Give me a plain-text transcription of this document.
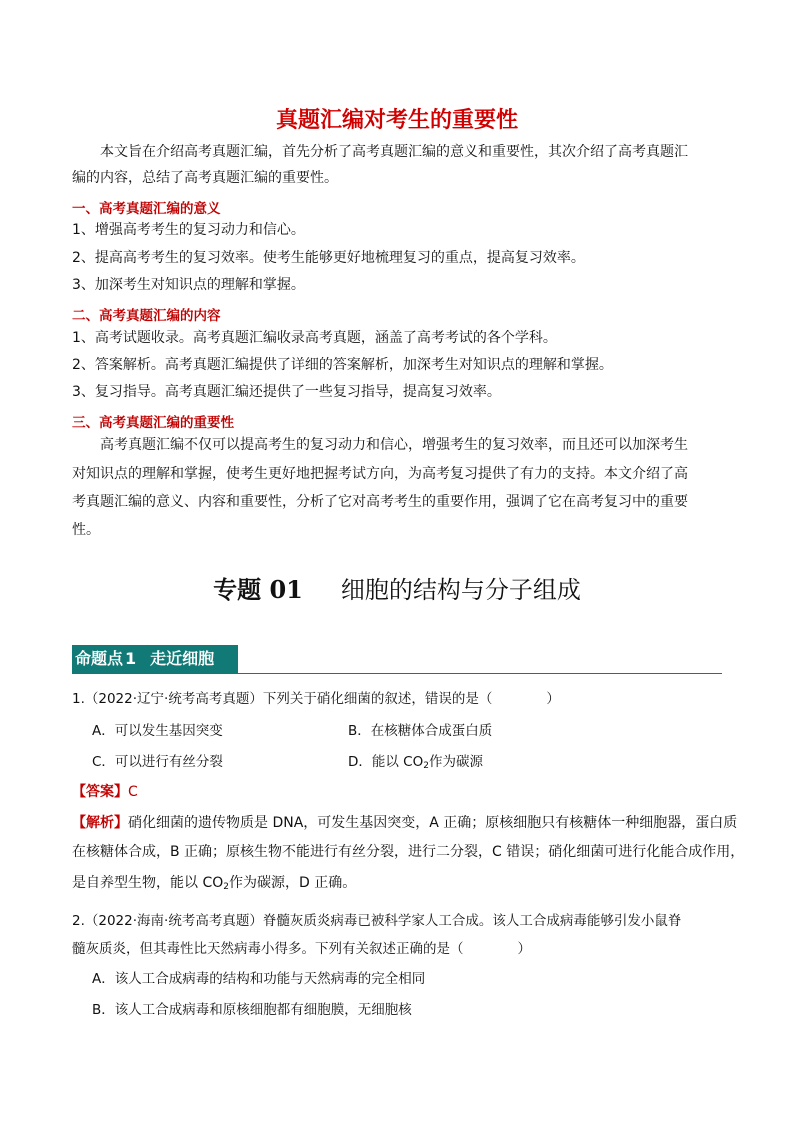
真题汇编对考生的重要性
本文旨在介绍高考真题汇编，首先分析了高考真题汇编的意义和重要性，其次介绍了高考真题汇
编的内容，总结了高考真题汇编的重要性。
一、高考真题汇编的意义
1、增强高考考生的复习动力和信心。
2、提高高考考生的复习效率。使考生能够更好地梳理复习的重点，提高复习效率。
3、加深考生对知识点的理解和掌握。
二、高考真题汇编的内容
1、高考试题收录。高考真题汇编收录高考真题，涵盖了高考考试的各个学科。
2、答案解析。高考真题汇编提供了详细的答案解析，加深考生对知识点的理解和掌握。
3、复习指导。高考真题汇编还提供了一些复习指导，提高复习效率。
三、高考真题汇编的重要性
高考真题汇编不仅可以提高考生的复习动力和信心，增强考生的复习效率，而且还可以加深考生
对知识点的理解和掌握，使考生更好地把握考试方向，为高考复习提供了有力的支持。本文介绍了高
考真题汇编的意义、内容和重要性，分析了它对高考考生的重要作用，强调了它在高考复习中的重要
性。
专题 01 细胞的结构与分子组成
命题点 1 走近细胞
1.（2022·辽宁·统考高考真题）下列关于硝化细菌的叙述，错误的是（　　　　）
A．可以发生基因突变	B．在核糖体合成蛋白质
C．可以进行有丝分裂	D．能以 $CO_2$作为碳源
【答案】C
【解析】硝化细菌的遗传物质是 DNA，可发生基因突变，A 正确；原核细胞只有核糖体一种细胞器，蛋白质
在核糖体合成，B 正确；原核生物不能进行有丝分裂，进行二分裂，C 错误；硝化细菌可进行化能合成作用，
是自养型生物，能以 $CO_2$作为碳源，D 正确。
2.（2022·海南·统考高考真题）脊髓灰质炎病毒已被科学家人工合成。该人工合成病毒能够引发小鼠脊
髓灰质炎，但其毒性比天然病毒小得多。下列有关叙述正确的是（　　　　）
A．该人工合成病毒的结构和功能与天然病毒的完全相同
B．该人工合成病毒和原核细胞都有细胞膜，无细胞核
